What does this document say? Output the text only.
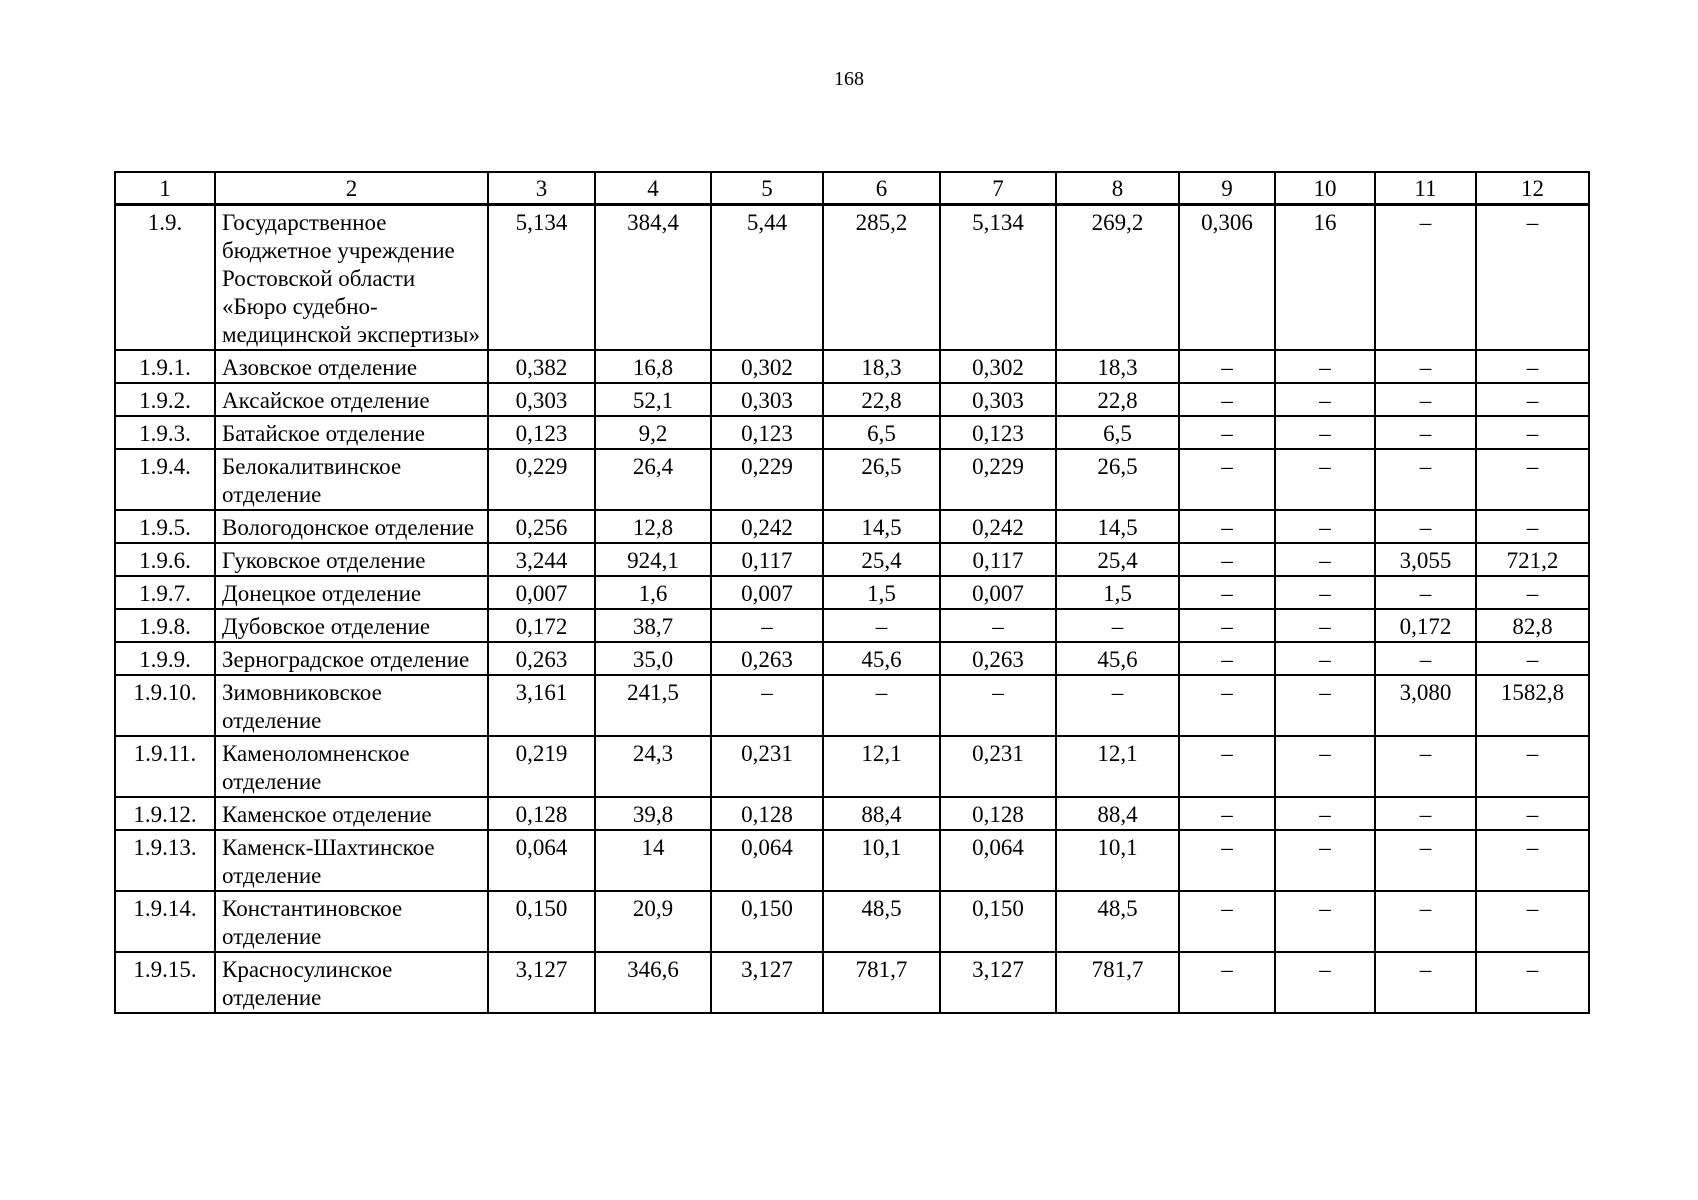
168
1	2	3	4	5	6	7	8	9	10	11	12
1.9.	Государственное бюджетное учреждение Ростовской области «Бюро судебно-медицинской экспертизы»	5,134	384,4	5,44	285,2	5,134	269,2	0,306	16	–	–
1.9.1.	Азовское отделение	0,382	16,8	0,302	18,3	0,302	18,3	–	–	–	–
1.9.2.	Аксайское отделение	0,303	52,1	0,303	22,8	0,303	22,8	–	–	–	–
1.9.3.	Батайское отделение	0,123	9,2	0,123	6,5	0,123	6,5	–	–	–	–
1.9.4.	Белокалитвинское отделение	0,229	26,4	0,229	26,5	0,229	26,5	–	–	–	–
1.9.5.	Вологодонское отделение	0,256	12,8	0,242	14,5	0,242	14,5	–	–	–	–
1.9.6.	Гуковское отделение	3,244	924,1	0,117	25,4	0,117	25,4	–	–	3,055	721,2
1.9.7.	Донецкое отделение	0,007	1,6	0,007	1,5	0,007	1,5	–	–	–	–
1.9.8.	Дубовское отделение	0,172	38,7	–	–	–	–	–	–	0,172	82,8
1.9.9.	Зерноградское отделение	0,263	35,0	0,263	45,6	0,263	45,6	–	–	–	–
1.9.10.	Зимовниковское отделение	3,161	241,5	–	–	–	–	–	–	3,080	1582,8
1.9.11.	Каменоломненское отделение	0,219	24,3	0,231	12,1	0,231	12,1	–	–	–	–
1.9.12.	Каменское отделение	0,128	39,8	0,128	88,4	0,128	88,4	–	–	–	–
1.9.13.	Каменск-Шахтинское отделение	0,064	14	0,064	10,1	0,064	10,1	–	–	–	–
1.9.14.	Константиновское отделение	0,150	20,9	0,150	48,5	0,150	48,5	–	–	–	–
1.9.15.	Красносулинское отделение	3,127	346,6	3,127	781,7	3,127	781,7	–	–	–	–
